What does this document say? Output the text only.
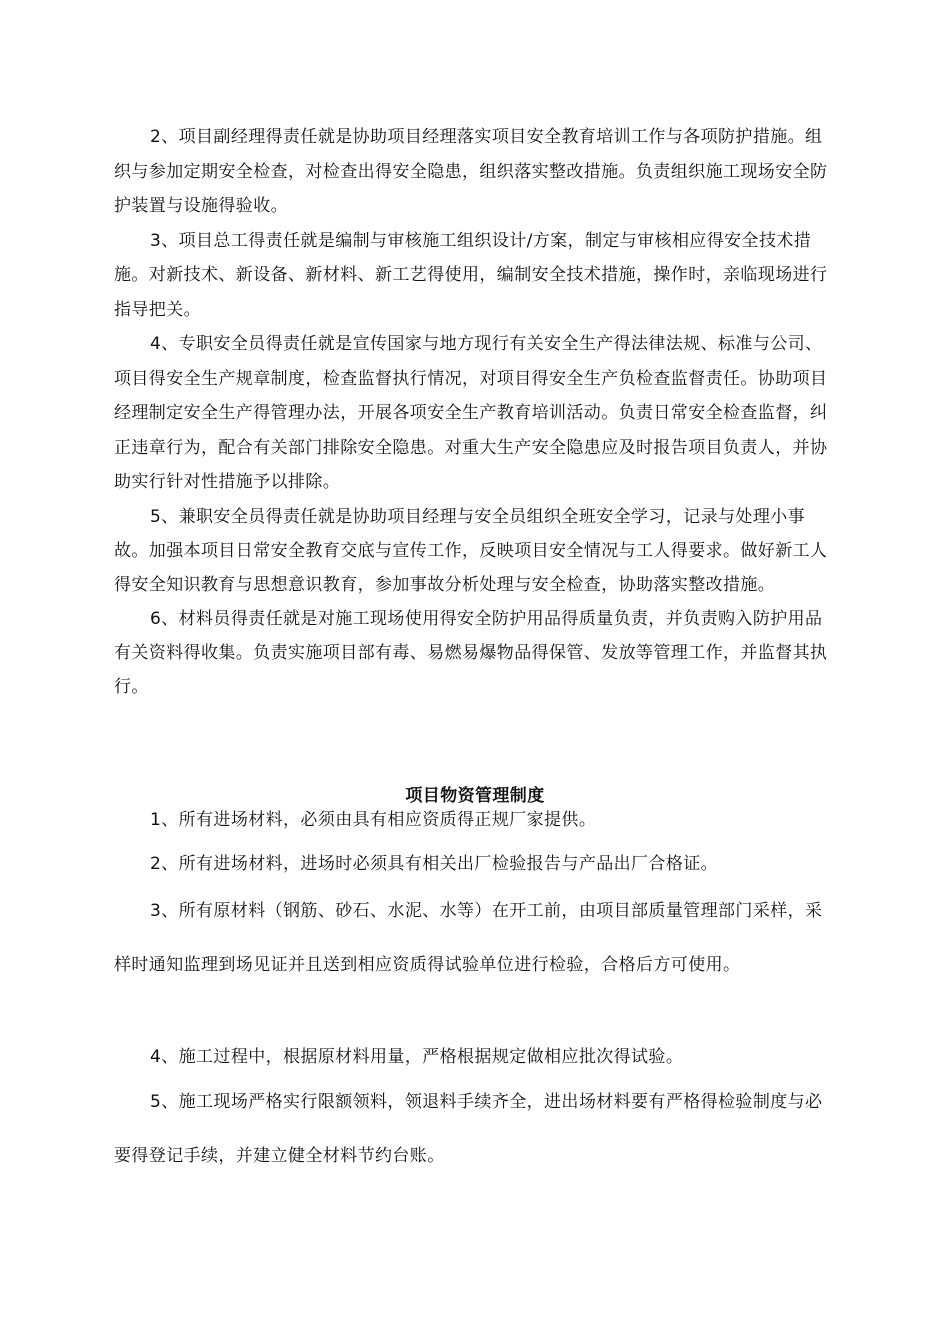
2、项目副经理得责任就是协助项目经理落实项目安全教育培训工作与各项防护措施。组织与参加定期安全检查，对检查出得安全隐患，组织落实整改措施。负责组织施工现场安全防护装置与设施得验收。

3、项目总工得责任就是编制与审核施工组织设计/方案，制定与审核相应得安全技术措施。对新技术、新设备、新材料、新工艺得使用，编制安全技术措施，操作时，亲临现场进行指导把关。

4、专职安全员得责任就是宣传国家与地方现行有关安全生产得法律法规、标准与公司、项目得安全生产规章制度，检查监督执行情况，对项目得安全生产负检查监督责任。协助项目经理制定安全生产得管理办法，开展各项安全生产教育培训活动。负责日常安全检查监督，纠正违章行为，配合有关部门排除安全隐患。对重大生产安全隐患应及时报告项目负责人，并协助实行针对性措施予以排除。

5、兼职安全员得责任就是协助项目经理与安全员组织全班安全学习，记录与处理小事故。加强本项目日常安全教育交底与宣传工作，反映项目安全情况与工人得要求。做好新工人得安全知识教育与思想意识教育，参加事故分析处理与安全检查，协助落实整改措施。

6、材料员得责任就是对施工现场使用得安全防护用品得质量负责，并负责购入防护用品有关资料得收集。负责实施项目部有毒、易燃易爆物品得保管、发放等管理工作，并监督其执行。

项目物资管理制度

1、所有进场材料，必须由具有相应资质得正规厂家提供。

2、所有进场材料，进场时必须具有相关出厂检验报告与产品出厂合格证。

3、所有原材料（钢筋、砂石、水泥、水等）在开工前，由项目部质量管理部门采样，采样时通知监理到场见证并且送到相应资质得试验单位进行检验，合格后方可使用。

4、施工过程中，根据原材料用量，严格根据规定做相应批次得试验。

5、施工现场严格实行限额领料，领退料手续齐全，进出场材料要有严格得检验制度与必要得登记手续，并建立健全材料节约台账。
